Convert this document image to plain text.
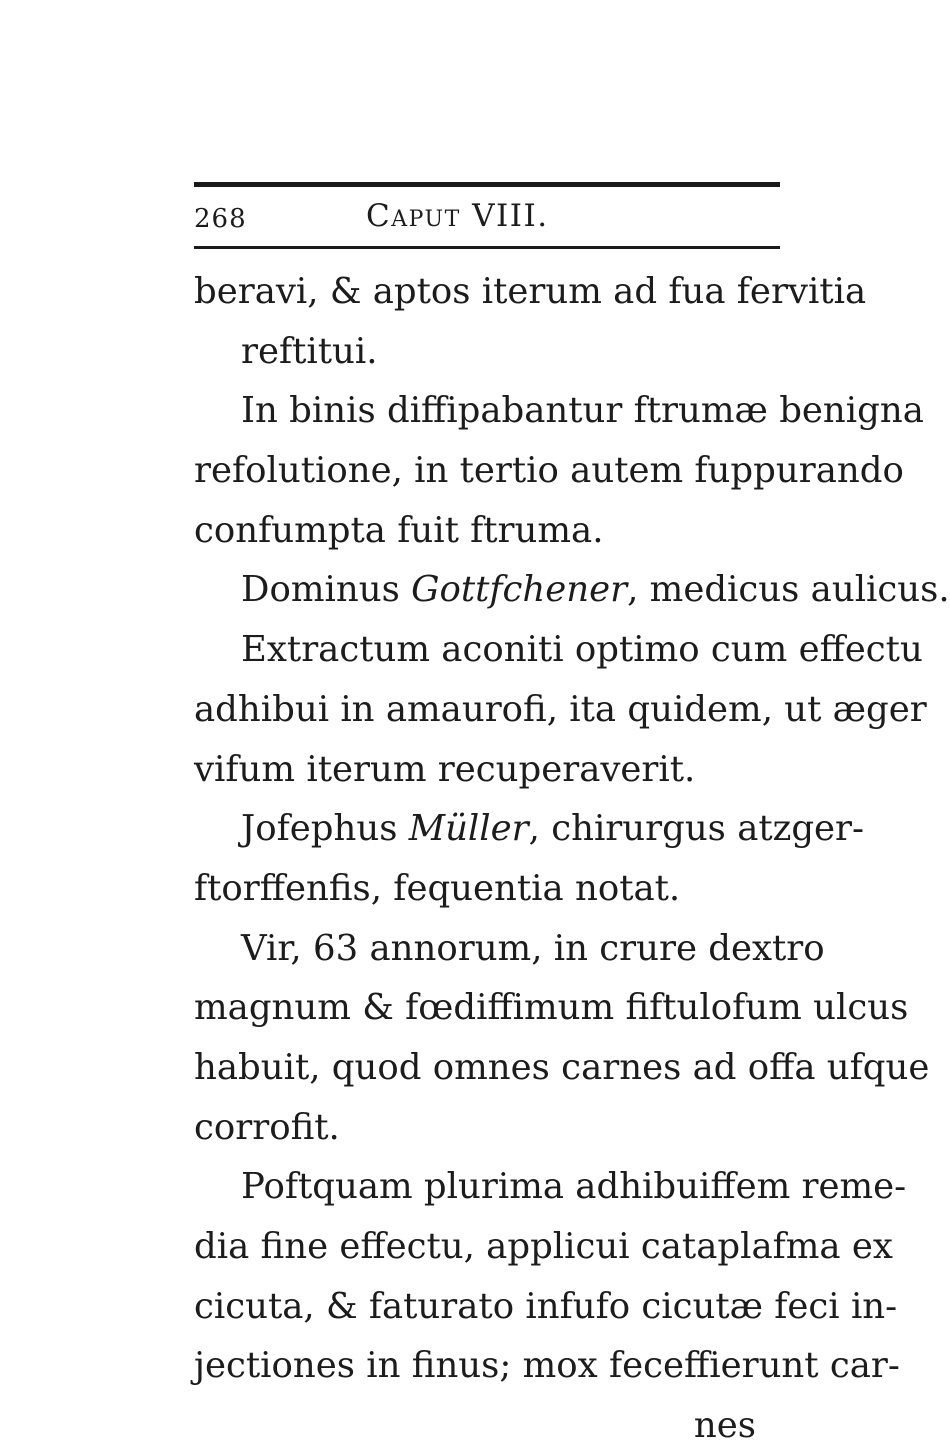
268	Caput VIII.
beravi, & aptos iterum ad fua fervitia
reftitui.
In binis diffipabantur ftrumæ benigna
refolutione, in tertio autem fuppurando
confumpta fuit ftruma.
Dominus Gottfchener, medicus aulicus.
Extractum aconiti optimo cum effectu
adhibui in amaurofi, ita quidem, ut æger
vifum iterum recuperaverit.
Jofephus Müller, chirurgus atzger-
ftorffenfis, fequentia notat.
Vir, 63 annorum, in crure dextro
magnum & fœdiffimum fiftulofum ulcus
habuit, quod omnes carnes ad offa ufque
corrofit.
Poftquam plurima adhibuiffem reme-
dia fine effectu, applicui cataplafma ex
cicuta, & faturato infufo cicutæ feci in-
jectiones in finus; mox feceffierunt car-
nes
